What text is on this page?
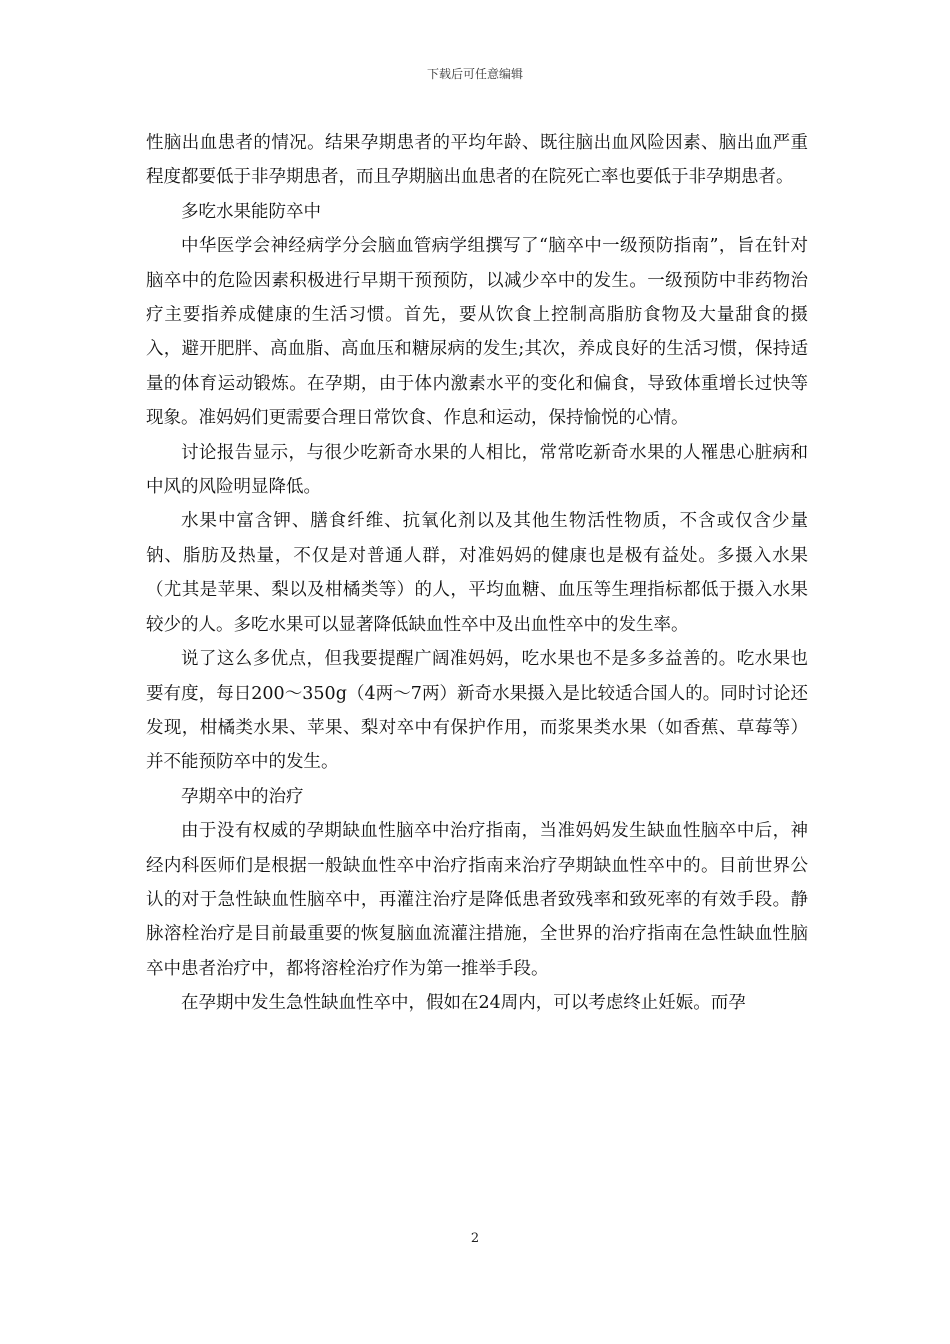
下载后可任意编辑

性脑出血患者的情况。结果孕期患者的平均年龄、既往脑出血风险因素、脑出血严重程度都要低于非孕期患者，而且孕期脑出血患者的在院死亡率也要低于非孕期患者。

多吃水果能防卒中

中华医学会神经病学分会脑血管病学组撰写了“脑卒中一级预防指南”，旨在针对脑卒中的危险因素积极进行早期干预预防，以减少卒中的发生。一级预防中非药物治疗主要指养成健康的生活习惯。首先，要从饮食上控制高脂肪食物及大量甜食的摄入，避开肥胖、高血脂、高血压和糖尿病的发生;其次，养成良好的生活习惯，保持适量的体育运动锻炼。在孕期，由于体内激素水平的变化和偏食，导致体重增长过快等现象。准妈妈们更需要合理日常饮食、作息和运动，保持愉悦的心情。

讨论报告显示，与很少吃新奇水果的人相比，常常吃新奇水果的人罹患心脏病和中风的风险明显降低。

水果中富含钾、膳食纤维、抗氧化剂以及其他生物活性物质，不含或仅含少量钠、脂肪及热量，不仅是对普通人群，对准妈妈的健康也是极有益处。多摄入水果（尤其是苹果、梨以及柑橘类等）的人，平均血糖、血压等生理指标都低于摄入水果较少的人。多吃水果可以显著降低缺血性卒中及出血性卒中的发生率。

说了这么多优点，但我要提醒广阔准妈妈，吃水果也不是多多益善的。吃水果也要有度，每日200～350g（4两～7两）新奇水果摄入是比较适合国人的。同时讨论还发现，柑橘类水果、苹果、梨对卒中有保护作用，而浆果类水果（如香蕉、草莓等）并不能预防卒中的发生。

孕期卒中的治疗

由于没有权威的孕期缺血性脑卒中治疗指南，当准妈妈发生缺血性脑卒中后，神经内科医师们是根据一般缺血性卒中治疗指南来治疗孕期缺血性卒中的。目前世界公认的对于急性缺血性脑卒中，再灌注治疗是降低患者致残率和致死率的有效手段。静脉溶栓治疗是目前最重要的恢复脑血流灌注措施，全世界的治疗指南在急性缺血性脑卒中患者治疗中，都将溶栓治疗作为第一推举手段。

在孕期中发生急性缺血性卒中，假如在24周内，可以考虑终止妊娠。而孕

2
